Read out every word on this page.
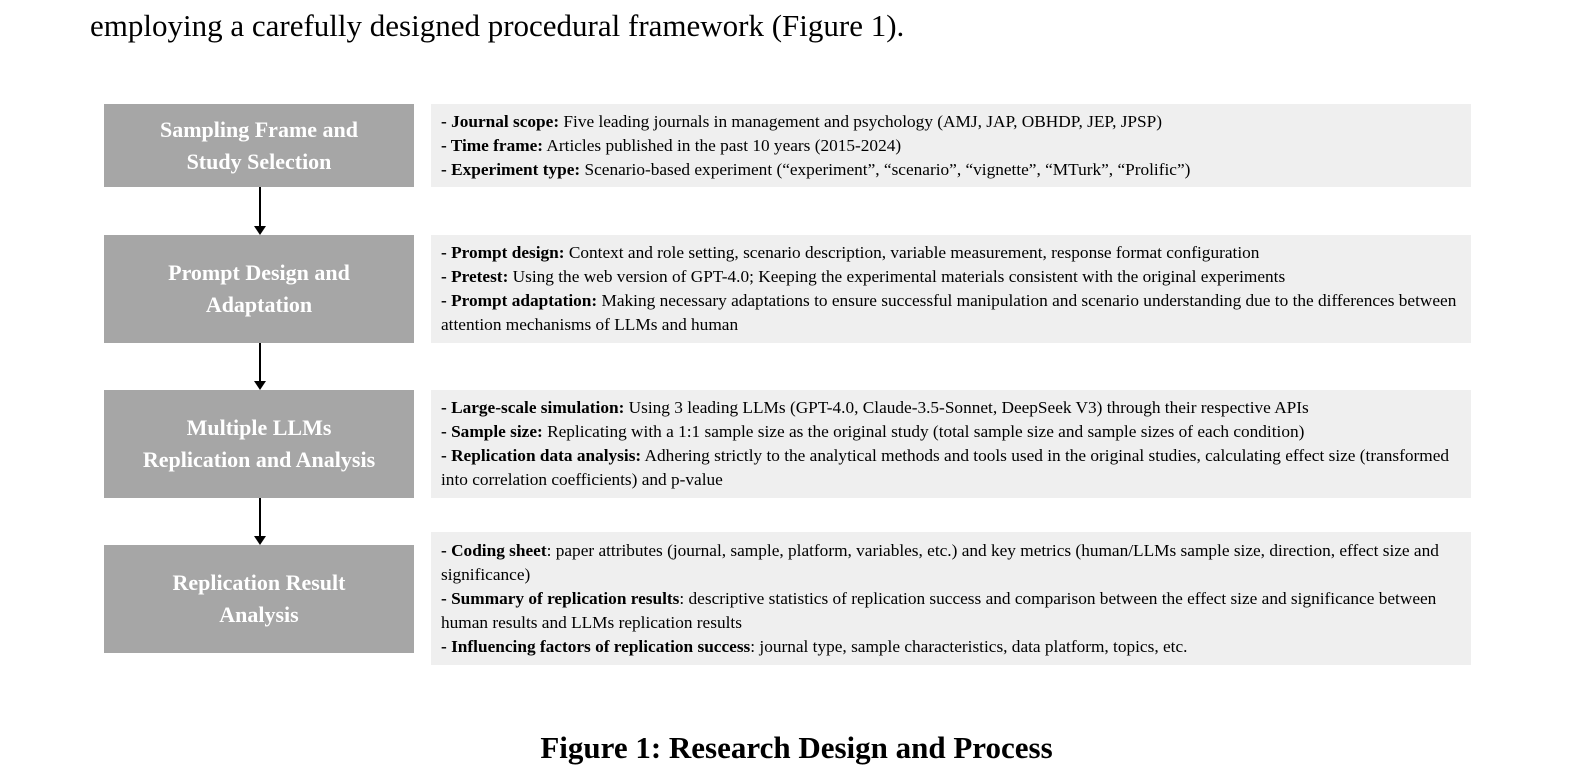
employing a carefully designed procedural framework (Figure 1).
Sampling Frame and
Study Selection
- Journal scope: Five leading journals in management and psychology (AMJ, JAP, OBHDP, JEP, JPSP)
- Time frame: Articles published in the past 10 years (2015-2024)
- Experiment type: Scenario-based experiment (“experiment”, “scenario”, “vignette”, “MTurk”, “Prolific”)
Prompt Design and
Adaptation
- Prompt design: Context and role setting, scenario description, variable measurement, response format configuration
- Pretest: Using the web version of GPT-4.0; Keeping the experimental materials consistent with the original experiments
- Prompt adaptation: Making necessary adaptations to ensure successful manipulation and scenario understanding due to the differences between attention mechanisms of LLMs and human
Multiple LLMs
Replication and Analysis
- Large-scale simulation: Using 3 leading LLMs (GPT-4.0, Claude-3.5-Sonnet, DeepSeek V3) through their respective APIs
- Sample size: Replicating with a 1:1 sample size as the original study (total sample size and sample sizes of each condition)
- Replication data analysis: Adhering strictly to the analytical methods and tools used in the original studies, calculating effect size (transformed into correlation coefficients) and p-value
Replication Result
Analysis
- Coding sheet: paper attributes (journal, sample, platform, variables, etc.) and key metrics (human/LLMs sample size, direction, effect size and significance)
- Summary of replication results: descriptive statistics of replication success and comparison between the effect size and significance between human results and LLMs replication results
- Influencing factors of replication success: journal type, sample characteristics, data platform, topics, etc.
Figure 1: Research Design and Process
